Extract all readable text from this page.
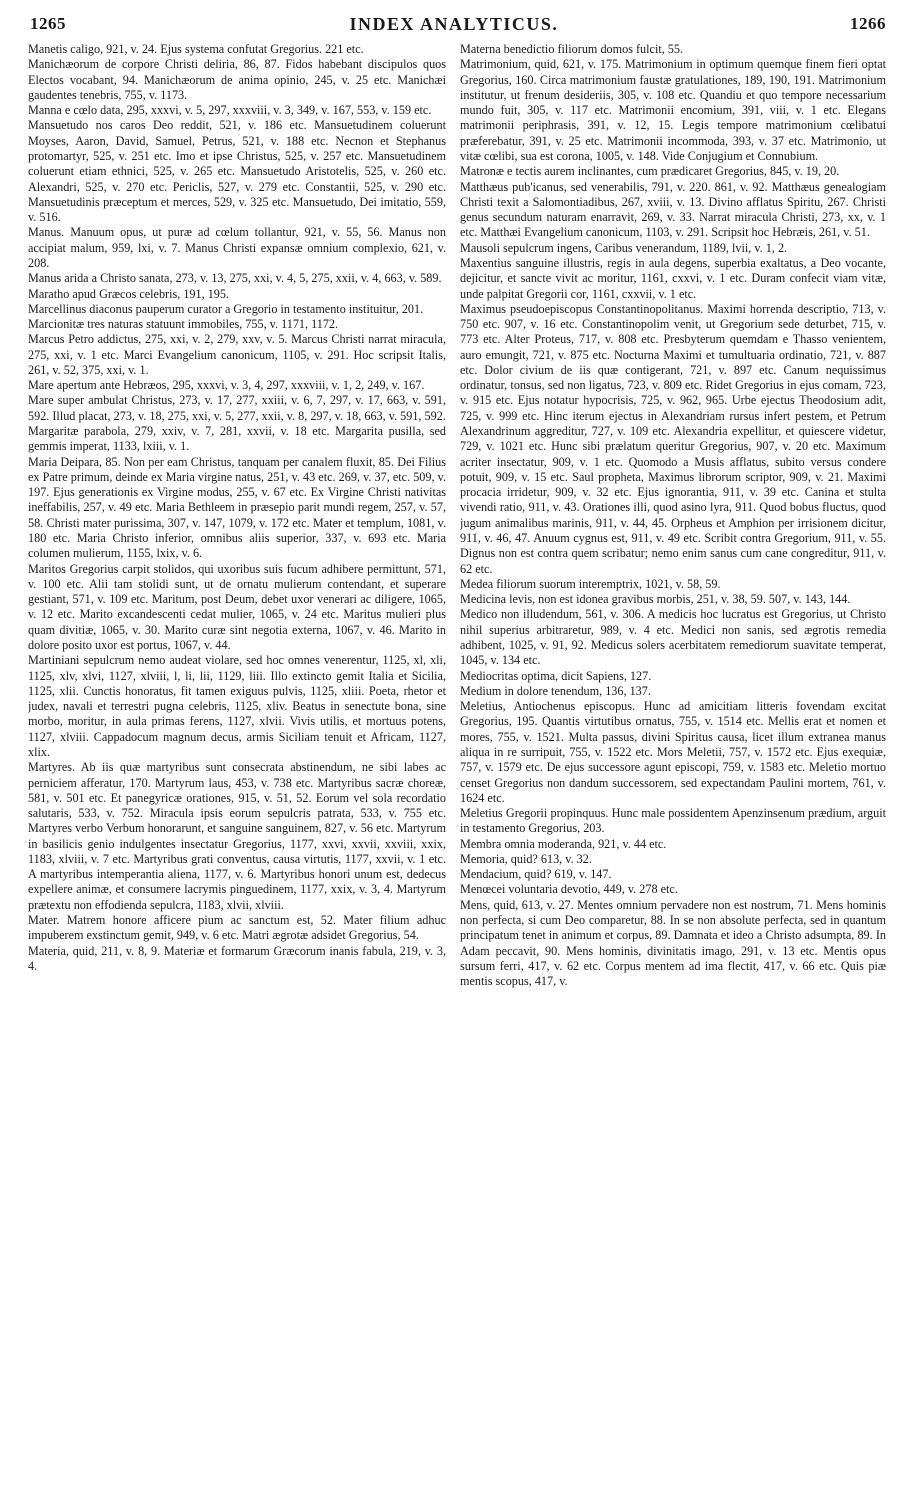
1265	INDEX ANALYTICUS.	1266

Manetis caligo, 921, v. 24. Ejus systema confutat Gregorius. 221 etc.

Manichæorum de corpore Christi deliria, 86, 87. Fidos habebant discipulos quos Electos vocabant, 94. Manichæorum de anima opinio, 245, v. 25 etc. Manichæi gaudentes tenebris, 755, v. 1173.

Manna e cœlo data, 295, xxxvi, v. 5, 297, xxxviii, v. 3, 349, v. 167, 553, v. 159 etc.

Mansuetudo nos caros Deo reddit, 521, v. 186 etc. Mansuetudinem coluerunt Moyses, Aaron, David, Samuel, Petrus, 521, v. 188 etc. Necnon et Stephanus protomartyr, 525, v. 251 etc. Imo et ipse Christus, 525, v. 257 etc. Mansuetudinem coluerunt etiam ethnici, 525, v. 265 etc. Mansuetudo Aristotelis, 525, v. 260 etc. Alexandri, 525, v. 270 etc. Periclis, 527, v. 279 etc. Constantii, 525, v. 290 etc. Mansuetudinis præceptum et merces, 529, v. 325 etc. Mansuetudo, Dei imitatio, 559, v. 516.

Manus. Manuum opus, ut puræ ad cœlum tollantur, 921, v. 55, 56. Manus non accipiat malum, 959, lxi, v. 7. Manus Christi expansæ omnium complexio, 621, v. 208.

Manus arida a Christo sanata, 273, v. 13, 275, xxi, v. 4, 5, 275, xxii, v. 4, 663, v. 589.

Maratho apud Græcos celebris, 191, 195.

Marcellinus diaconus pauperum curator a Gregorio in testamento instituitur, 201.

Marcionitæ tres naturas statuunt immobiles, 755, v. 1171, 1172.

Marcus Petro addictus, 275, xxi, v. 2, 279, xxv, v. 5. Marcus Christi narrat miracula, 275, xxi, v. 1 etc. Marci Evangelium canonicum, 1105, v. 291. Hoc scripsit Italis, 261, v. 52, 375, xxi, v. 1.

Mare apertum ante Hebræos, 295, xxxvi, v. 3, 4, 297, xxxviii, v. 1, 2, 249, v. 167.

Mare super ambulat Christus, 273, v. 17, 277, xxiii, v. 6, 7, 297, v. 17, 663, v. 591, 592. Illud placat, 273, v. 18, 275, xxi, v. 5, 277, xxii, v. 8, 297, v. 18, 663, v. 591, 592.

Margaritæ parabola, 279, xxiv, v. 7, 281, xxvii, v. 18 etc. Margarita pusilla, sed gemmis imperat, 1133, lxiii, v. 1.

Maria Deipara, 85. Non per eam Christus, tanquam per canalem fluxit, 85. Dei Filius ex Patre primum, deinde ex Maria virgine natus, 251, v. 43 etc. 269, v. 37, etc. 509, v. 197. Ejus generationis ex Virgine modus, 255, v. 67 etc. Ex Virgine Christi nativitas ineffabilis, 257, v. 49 etc. Maria Bethleem in præsepio parit mundi regem, 257, v. 57, 58. Christi mater purissima, 307, v. 147, 1079, v. 172 etc. Mater et templum, 1081, v. 180 etc. Maria Christo inferior, omnibus aliis superior, 337, v. 693 etc. Maria columen mulierum, 1155, lxix, v. 6.

Maritos Gregorius carpit stolidos, qui uxoribus suis fucum adhibere permittunt, 571, v. 100 etc. Alii tam stolidi sunt, ut de ornatu mulierum contendant, et superare gestiant, 571, v. 109 etc. Maritum, post Deum, debet uxor venerari ac diligere, 1065, v. 12 etc. Marito excandescenti cedat mulier, 1065, v. 24 etc. Maritus mulieri plus quam divitiæ, 1065, v. 30. Marito curæ sint negotia externa, 1067, v. 46. Marito in dolore posito uxor est portus, 1067, v. 44.

Martiniani sepulcrum nemo audeat violare, sed hoc omnes venerentur, 1125, xl, xli, 1125, xlv, xlvi, 1127, xlviii, l, li, lii, 1129, liii. Illo extincto gemit Italia et Sicilia, 1125, xlii. Cunctis honoratus, fit tamen exiguus pulvis, 1125, xliii. Poeta, rhetor et judex, navali et terrestri pugna celebris, 1125, xliv. Beatus in senectute bona, sine morbo, moritur, in aula primas ferens, 1127, xlvii. Vivis utilis, et mortuus potens, 1127, xlviii. Cappadocum magnum decus, armis Siciliam tenuit et Africam, 1127, xlix.

Martyres. Ab iis quæ martyribus sunt consecrata abstinendum, ne sibi labes ac perniciem afferatur, 170. Martyrum laus, 453, v. 738 etc. Martyribus sacræ choreæ, 581, v. 501 etc. Et panegyricæ orationes, 915, v. 51, 52. Eorum vel sola recordatio salutaris, 533, v. 752. Miracula ipsis eorum sepulcris patrata, 533, v. 755 etc. Martyres verbo Verbum honorarunt, et sanguine sanguinem, 827, v. 56 etc. Martyrum in basilicis genio indulgentes insectatur Gregorius, 1177, xxvi, xxvii, xxviii, xxix, 1183, xlviii, v. 7 etc. Martyribus grati conventus, causa virtutis, 1177, xxvii, v. 1 etc. A martyribus intemperantia aliena, 1177, v. 6. Martyribus honori unum est, dedecus expellere animæ, et consumere lacrymis pinguedinem, 1177, xxix, v. 3, 4. Martyrum prætextu non effodienda sepulcra, 1183, xlvii, xlviii.

Mater. Matrem honore afficere pium ac sanctum est, 52. Mater filium adhuc impuberem exstinctum gemit, 949, v. 6 etc. Matri ægrotæ adsidet Gregorius, 54.

Materia, quid, 211, v. 8, 9. Materiæ et formarum Græcorum inanis fabula, 219, v. 3, 4.

Materna benedictio filiorum domos fulcit, 55.

Matrimonium, quid, 621, v. 175. Matrimonium in optimum quemque finem fieri optat Gregorius, 160. Circa matrimonium faustæ gratulationes, 189, 190, 191. Matrimonium institutur, ut frenum desideriis, 305, v. 108 etc. Quandiu et quo tempore necessarium mundo fuit, 305, v. 117 etc. Matrimonii encomium, 391, viii, v. 1 etc. Elegans matrimonii periphrasis, 391, v. 12, 15. Legis tempore matrimonium cœlibatui præferebatur, 391, v. 25 etc. Matrimonii incommoda, 393, v. 37 etc. Matrimonio, ut vitæ cœlibi, sua est corona, 1005, v. 148. Vide Conjugium et Connubium.

Matronæ e tectis aurem inclinantes, cum prædicaret Gregorius, 845, v. 19, 20.

Matthæus pub'icanus, sed venerabilis, 791, v. 220. 861, v. 92. Matthæus genealogiam Christi texit a Salomontiadibus, 267, xviii, v. 13. Divino afflatus Spiritu, 267. Christi genus secundum naturam enarravit, 269, v. 33. Narrat miracula Christi, 273, xx, v. 1 etc. Matthæi Evangelium canonicum, 1103, v. 291. Scripsit hoc Hebræis, 261, v. 51.

Mausoli sepulcrum ingens, Caribus venerandum, 1189, lvii, v. 1, 2.

Maxentius sanguine illustris, regis in aula degens, superbia exaltatus, a Deo vocante, dejicitur, et sancte vivit ac moritur, 1161, cxxvi, v. 1 etc. Duram confecit viam vitæ, unde palpitat Gregorii cor, 1161, cxxvii, v. 1 etc.

Maximus pseudoepiscopus Constantinopolitanus. Maximi horrenda descriptio, 713, v. 750 etc. 907, v. 16 etc. Constantinopolim venit, ut Gregorium sede deturbet, 715, v. 773 etc. Alter Proteus, 717, v. 808 etc. Presbyterum quemdam e Thasso venientem, auro emungit, 721, v. 875 etc. Nocturna Maximi et tumultuaria ordinatio, 721, v. 887 etc. Dolor civium de iis quæ contigerant, 721, v. 897 etc. Canum nequissimus ordinatur, tonsus, sed non ligatus, 723, v. 809 etc. Ridet Gregorius in ejus comam, 723, v. 915 etc. Ejus notatur hypocrisis, 725, v. 962, 965. Urbe ejectus Theodosium adit, 725, v. 999 etc. Hinc iterum ejectus in Alexandriam rursus infert pestem, et Petrum Alexandrinum aggreditur, 727, v. 109 etc. Alexandria expellitur, et quiescere videtur, 729, v. 1021 etc. Hunc sibi prælatum queritur Gregorius, 907, v. 20 etc. Maximum acriter insectatur, 909, v. 1 etc. Quomodo a Musis afflatus, subito versus condere potuit, 909, v. 15 etc. Saul propheta, Maximus librorum scriptor, 909, v. 21. Maximi procacia irridetur, 909, v. 32 etc. Ejus ignorantia, 911, v. 39 etc. Canina et stulta vivendi ratio, 911, v. 43. Orationes illi, quod asino lyra, 911. Quod bobus fluctus, quod jugum animalibus marinis, 911, v. 44, 45. Orpheus et Amphion per irrisionem dicitur, 911, v. 46, 47. Anuum cygnus est, 911, v. 49 etc. Scribit contra Gregorium, 911, v. 55. Dignus non est contra quem scribatur; nemo enim sanus cum cane congreditur, 911, v. 62 etc.

Medea filiorum suorum interemptrix, 1021, v. 58, 59.

Medicina levis, non est idonea gravibus morbis, 251, v. 38, 59. 507, v. 143, 144.

Medico non illudendum, 561, v. 306. A medicis hoc lucratus est Gregorius, ut Christo nihil superius arbitraretur, 989, v. 4 etc. Medici non sanis, sed ægrotis remedia adhibent, 1025, v. 91, 92. Medicus solers acerbitatem remediorum suavitate temperat, 1045, v. 134 etc.

Mediocritas optima, dicit Sapiens, 127.

Medium in dolore tenendum, 136, 137.

Meletius, Antiochenus episcopus. Hunc ad amicitiam litteris fovendam excitat Gregorius, 195. Quantis virtutibus ornatus, 755, v. 1514 etc. Mellis erat et nomen et mores, 755, v. 1521. Multa passus, divini Spiritus causa, licet illum extranea manus aliqua in re surripuit, 755, v. 1522 etc. Mors Meletii, 757, v. 1572 etc. Ejus exequiæ, 757, v. 1579 etc. De ejus successore agunt episcopi, 759, v. 1583 etc. Meletio mortuo censet Gregorius non dandum successorem, sed expectandam Paulini mortem, 761, v. 1624 etc.

Meletius Gregorii propinquus. Hunc male possidentem Apenzinsenum prædium, arguit in testamento Gregorius, 203.

Membra omnia moderanda, 921, v. 44 etc.

Memoria, quid? 613, v. 32.

Mendacium, quid? 619, v. 147.

Menœcei voluntaria devotio, 449, v. 278 etc.

Mens, quid, 613, v. 27. Mentes omnium pervadere non est nostrum, 71. Mens hominis non perfecta, si cum Deo comparetur, 88. In se non absolute perfecta, sed in quantum principatum tenet in animum et corpus, 89. Damnata et ideo a Christo adsumpta, 89. In Adam peccavit, 90. Mens hominis, divinitatis imago, 291, v. 13 etc. Mentis opus sursum ferri, 417, v. 62 etc. Corpus mentem ad ima flectit, 417, v. 66 etc. Quis piæ mentis scopus, 417, v.
